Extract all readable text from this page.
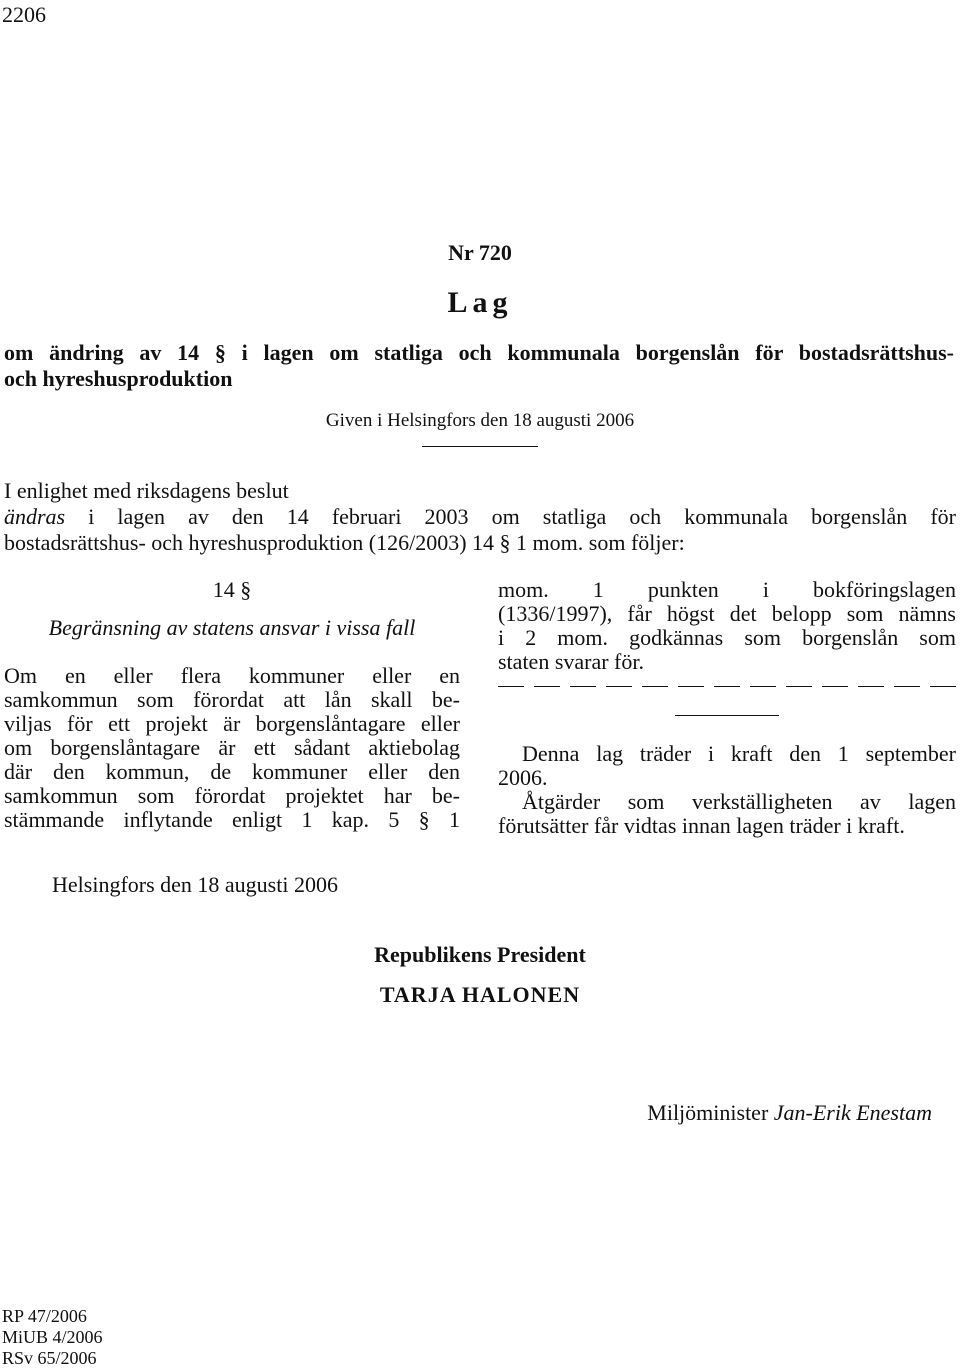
2206
Nr 720
Lag
om ändring av 14 § i lagen om statliga och kommunala borgenslån för bostadsrättshus-
och hyreshusproduktion
Given i Helsingfors den 18 augusti 2006
I enlighet med riksdagens beslut
ändras i lagen av den 14 februari 2003 om statliga och kommunala borgenslån för
bostadsrättshus- och hyreshusproduktion (126/2003) 14 § 1 mom. som följer:
14 §
Begränsning av statens ansvar i vissa fall
Om en eller flera kommuner eller en
samkommun som förordat att lån skall be-
viljas för ett projekt är borgenslåntagare eller
om borgenslåntagare är ett sådant aktiebolag
där den kommun, de kommuner eller den
samkommun som förordat projektet har be-
stämmande inflytande enligt 1 kap. 5 § 1
mom. 1 punkten i bokföringslagen
(1336/1997), får högst det belopp som nämns
i 2 mom. godkännas som borgenslån som
staten svarar för.
Denna lag träder i kraft den 1 september
2006.
Åtgärder som verkställigheten av lagen
förutsätter får vidtas innan lagen träder i kraft.
Helsingfors den 18 augusti 2006
Republikens President
TARJA HALONEN
Miljöminister Jan-Erik Enestam
RP 47/2006
MiUB 4/2006
RSv 65/2006
